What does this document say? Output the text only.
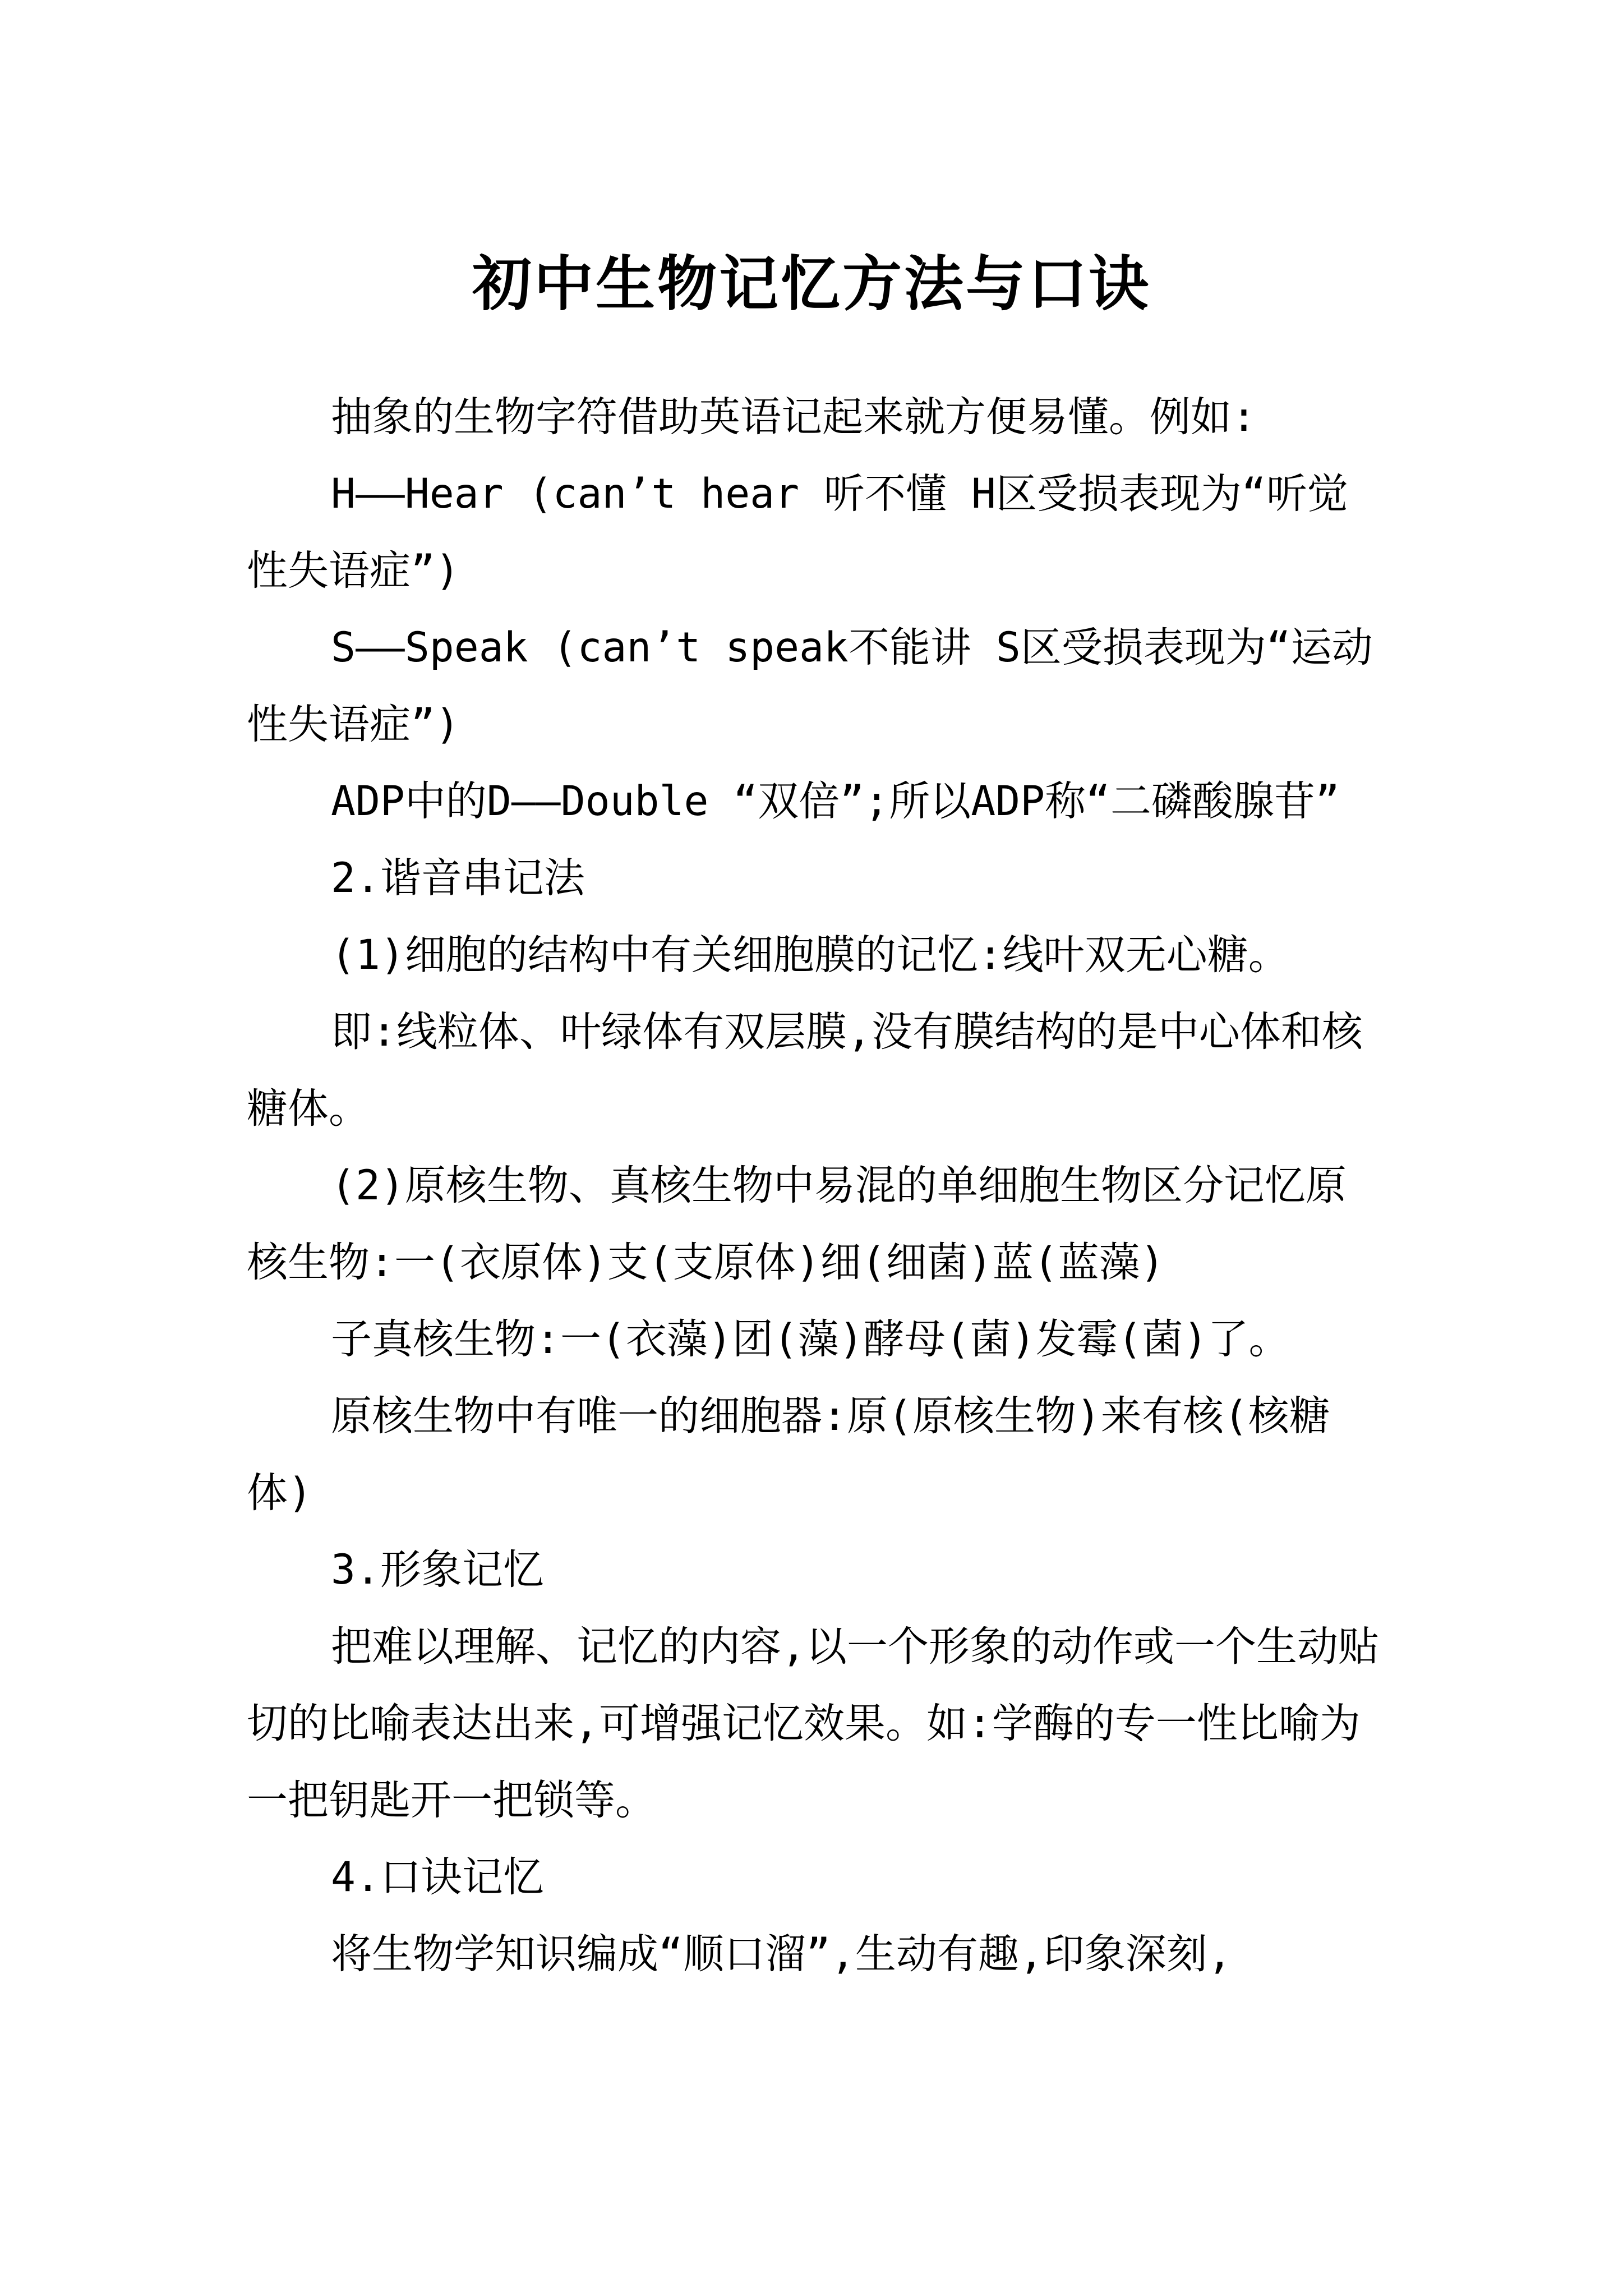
初中生物记忆方法与口诀

抽象的生物字符借助英语记起来就方便易懂。例如:

H——Hear (can’t hear 听不懂 H区受损表现为“听觉性失语症”)

S——Speak (can’t speak不能讲 S区受损表现为“运动性失语症”)

ADP中的D——Double “双倍”;所以ADP称“二磷酸腺苷”

2.谐音串记法

(1)细胞的结构中有关细胞膜的记忆:线叶双无心糖。

即:线粒体、叶绿体有双层膜,没有膜结构的是中心体和核糖体。

(2)原核生物、真核生物中易混的单细胞生物区分记忆原核生物:一(衣原体)支(支原体)细(细菌)蓝(蓝藻)

子真核生物:一(衣藻)团(藻)酵母(菌)发霉(菌)了。

原核生物中有唯一的细胞器:原(原核生物)来有核(核糖体)

3.形象记忆

把难以理解、记忆的内容,以一个形象的动作或一个生动贴切的比喻表达出来,可增强记忆效果。如:学酶的专一性比喻为一把钥匙开一把锁等。

4.口诀记忆

将生物学知识编成“顺口溜”,生动有趣,印象深刻,
